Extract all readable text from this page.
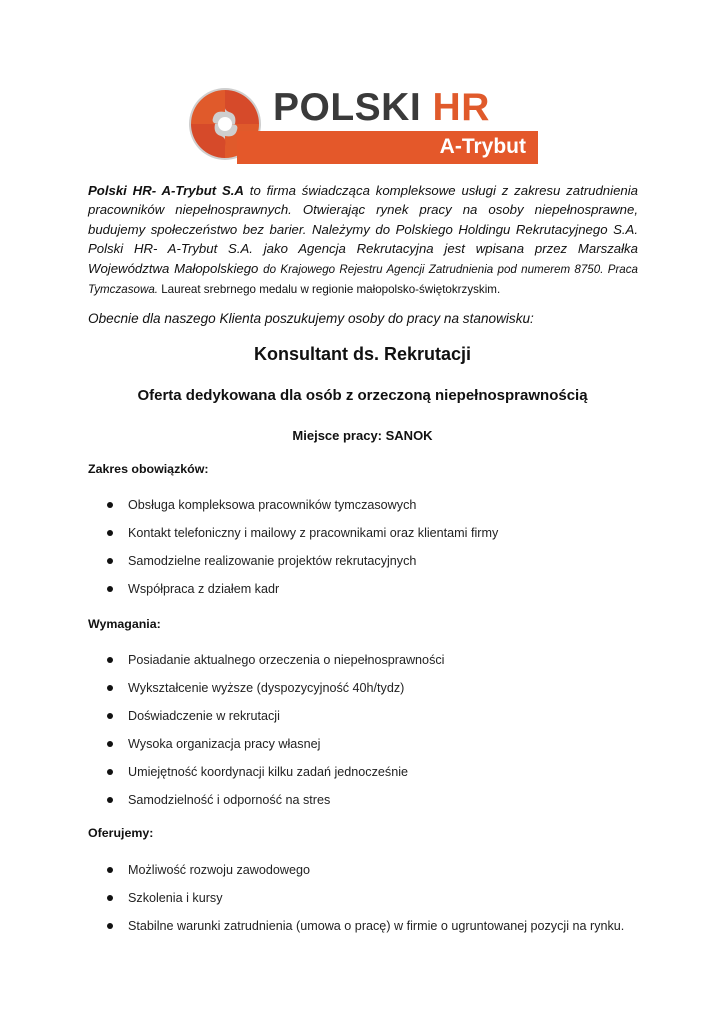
POLSKI HR
A-Trybut
Polski HR- A-Trybut S.A to firma świadcząca kompleksowe usługi z zakresu zatrudnienia pracowników niepełnosprawnych. Otwierając rynek pracy na osoby niepełnosprawne, budujemy społeczeństwo bez barier. Należymy do Polskiego Holdingu Rekrutacyjnego S.A. Polski HR- A-Trybut S.A. jako Agencja Rekrutacyjna jest wpisana przez Marszałka Województwa Małopolskiego do Krajowego Rejestru Agencji Zatrudnienia pod numerem 8750. Praca Tymczasowa. Laureat srebrnego medalu w regionie małopolsko-świętokrzyskim.
Obecnie dla naszego Klienta poszukujemy osoby do pracy na stanowisku:
Konsultant ds. Rekrutacji
Oferta dedykowana dla osób z orzeczoną niepełnosprawnością
Miejsce pracy: SANOK
Zakres obowiązków:
Obsługa kompleksowa pracowników tymczasowych
Kontakt telefoniczny i mailowy z pracownikami oraz klientami firmy
Samodzielne realizowanie projektów rekrutacyjnych
Współpraca z działem kadr
Wymagania:
Posiadanie aktualnego orzeczenia o niepełnosprawności
Wykształcenie wyższe (dyspozycyjność 40h/tydz)
Doświadczenie w rekrutacji
Wysoka organizacja pracy własnej
Umiejętność koordynacji kilku zadań jednocześnie
Samodzielność i odporność na stres
Oferujemy:
Możliwość rozwoju zawodowego
Szkolenia i kursy
Stabilne warunki zatrudnienia (umowa o pracę) w firmie o ugruntowanej pozycji na rynku.
